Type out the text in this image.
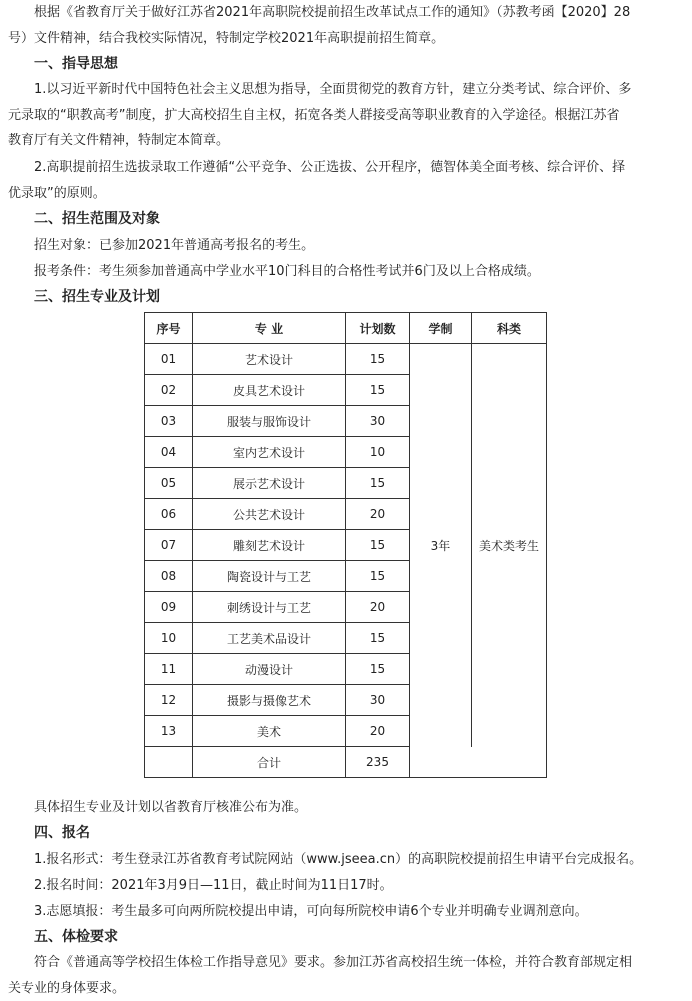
根据《省教育厅关于做好江苏省2021年高职院校提前招生改革试点工作的通知》（苏教考函【2020】28
号）文件精神，结合我校实际情况，特制定学校2021年高职提前招生简章。
一、指导思想
1.以习近平新时代中国特色社会主义思想为指导，全面贯彻党的教育方针，建立分类考试、综合评价、多
元录取的“职教高考”制度，扩大高校招生自主权，拓宽各类人群接受高等职业教育的入学途径。根据江苏省
教育厅有关文件精神，特制定本简章。
2.高职提前招生选拔录取工作遵循“公平竞争、公正选拔、公开程序，德智体美全面考核、综合评价、择
优录取”的原则。
二、招生范围及对象
招生对象：已参加2021年普通高考报名的考生。
报考条件：考生须参加普通高中学业水平10门科目的合格性考试并6门及以上合格成绩。
三、招生专业及计划
序号	专 业	计划数	学制	科类
01	艺术设计	15	3年	美术类考生
02	皮具艺术设计	15		
03	服装与服饰设计	30		
04	室内艺术设计	10		
05	展示艺术设计	15		
06	公共艺术设计	20		
07	雕刻艺术设计	15		
08	陶瓷设计与工艺	15		
09	刺绣设计与工艺	20		
10	工艺美术品设计	15		
11	动漫设计	15		
12	摄影与摄像艺术	30		
13	美术	20		
	合计	235		
具体招生专业及计划以省教育厅核准公布为准。
四、报名
1.报名形式：考生登录江苏省教育考试院网站（www.jseea.cn）的高职院校提前招生申请平台完成报名。
2.报名时间：2021年3月9日—11日，截止时间为11日17时。
3.志愿填报：考生最多可向两所院校提出申请，可向每所院校申请6个专业并明确专业调剂意向。
五、体检要求
符合《普通高等学校招生体检工作指导意见》要求。参加江苏省高校招生统一体检，并符合教育部规定相
关专业的身体要求。
